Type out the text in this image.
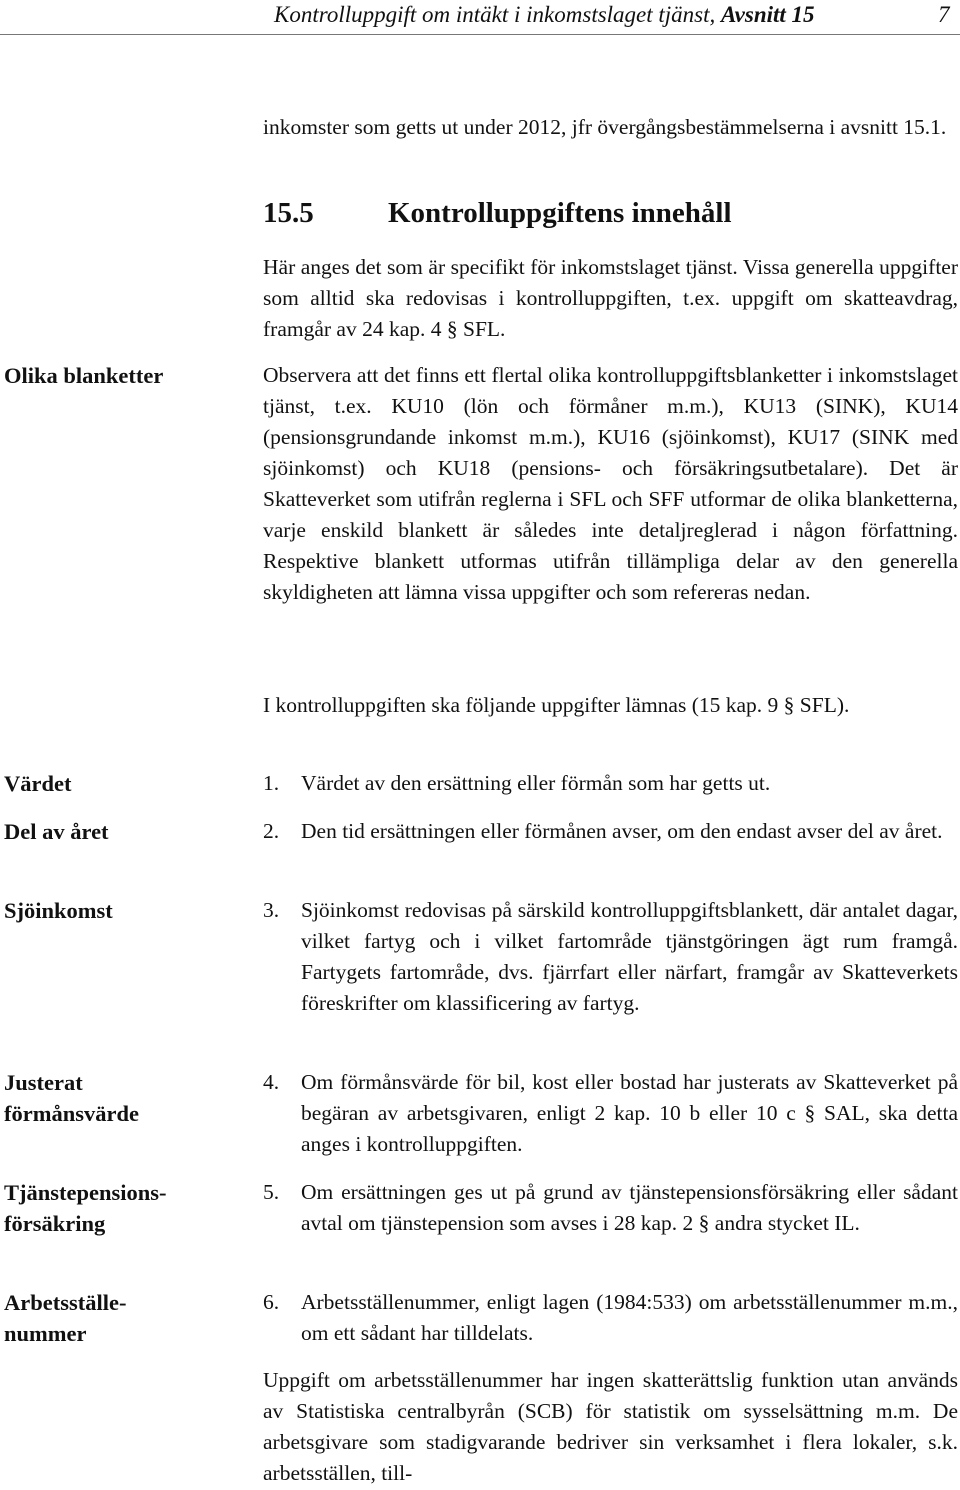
Kontrolluppgift om intäkt i inkomstslaget tjänst, Avsnitt 15	7

inkomster som getts ut under 2012, jfr övergångsbestämmelserna i avsnitt 15.1.

15.5	Kontrolluppgiftens innehåll

Här anges det som är specifikt för inkomstslaget tjänst. Vissa generella uppgifter som alltid ska redovisas i kontrolluppgiften, t.ex. uppgift om skatteavdrag, framgår av 24 kap. 4 § SFL.

Observera att det finns ett flertal olika kontrolluppgiftsblanketter i inkomstslaget tjänst, t.ex. KU10 (lön och förmåner m.m.), KU13 (SINK), KU14 (pensionsgrundande inkomst m.m.), KU16 (sjöinkomst), KU17 (SINK med sjöinkomst) och KU18 (pensions- och försäkringsutbetalare). Det är Skatteverket som utifrån reglerna i SFL och SFF utformar de olika blanketterna, varje enskild blankett är således inte detaljreglerad i någon författning. Respektive blankett utformas utifrån tillämpliga delar av den generella skyldigheten att lämna vissa uppgifter och som refereras nedan.

I kontrolluppgiften ska följande uppgifter lämnas (15 kap. 9 § SFL).

Olika blanketter
Värdet
Del av året
Sjöinkomst
Justerat
förmånsvärde
Tjänstepensions-
försäkring
Arbetsställe-
nummer
1. Värdet av den ersättning eller förmån som har getts ut.
2. Den tid ersättningen eller förmånen avser, om den endast avser del av året.
3. Sjöinkomst redovisas på särskild kontrolluppgiftsblankett, där antalet dagar, vilket fartyg och i vilket fartområde tjänstgöringen ägt rum framgå. Fartygets fartområde, dvs. fjärrfart eller närfart, framgår av Skatteverkets föreskrifter om klassificering av fartyg.
4. Om förmånsvärde för bil, kost eller bostad har justerats av Skatteverket på begäran av arbetsgivaren, enligt 2 kap. 10 b eller 10 c § SAL, ska detta anges i kontrolluppgiften.
5. Om ersättningen ges ut på grund av tjänstepensionsförsäkring eller sådant avtal om tjänstepension som avses i 28 kap. 2 § andra stycket IL.
6. Arbetsställenummer, enligt lagen (1984:533) om arbetsställenummer m.m., om ett sådant har tilldelats.

Uppgift om arbetsställenummer har ingen skatterättslig funktion utan används av Statistiska centralbyrån (SCB) för statistik om sysselsättning m.m. De arbetsgivare som stadigvarande bedriver sin verksamhet i flera lokaler, s.k. arbetsställen, till-
